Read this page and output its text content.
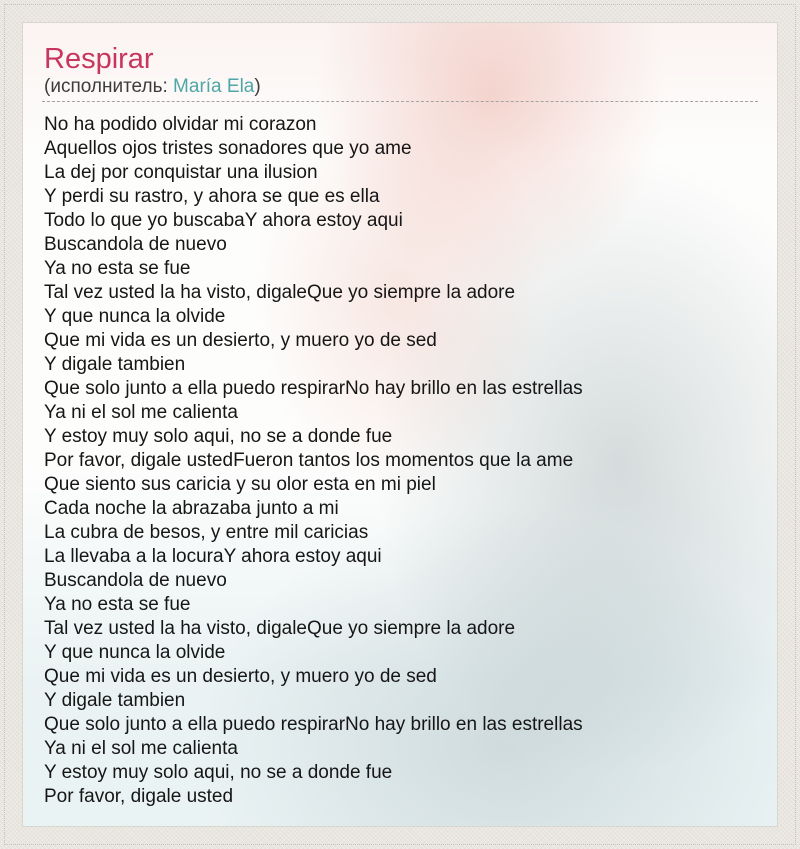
Respirar
(исполнитель: María Ela)
No ha podido olvidar mi corazon
Aquellos ojos tristes sonadores que yo ame
La dej por conquistar una ilusion
Y perdi su rastro, y ahora se que es ella
Todo lo que yo buscabaY ahora estoy aqui
Buscandola de nuevo
Ya no esta se fue
Tal vez usted la ha visto, digaleQue yo siempre la adore
Y que nunca la olvide
Que mi vida es un desierto, y muero yo de sed
Y digale tambien
Que solo junto a ella puedo respirarNo hay brillo en las estrellas
Ya ni el sol me calienta
Y estoy muy solo aqui, no se a donde fue
Por favor, digale ustedFueron tantos los momentos que la ame
Que siento sus caricia y su olor esta en mi piel
Cada noche la abrazaba junto a mi
La cubra de besos, y entre mil caricias
La llevaba a la locuraY ahora estoy aqui
Buscandola de nuevo
Ya no esta se fue
Tal vez usted la ha visto, digaleQue yo siempre la adore
Y que nunca la olvide
Que mi vida es un desierto, y muero yo de sed
Y digale tambien
Que solo junto a ella puedo respirarNo hay brillo en las estrellas
Ya ni el sol me calienta
Y estoy muy solo aqui, no se a donde fue
Por favor, digale usted
